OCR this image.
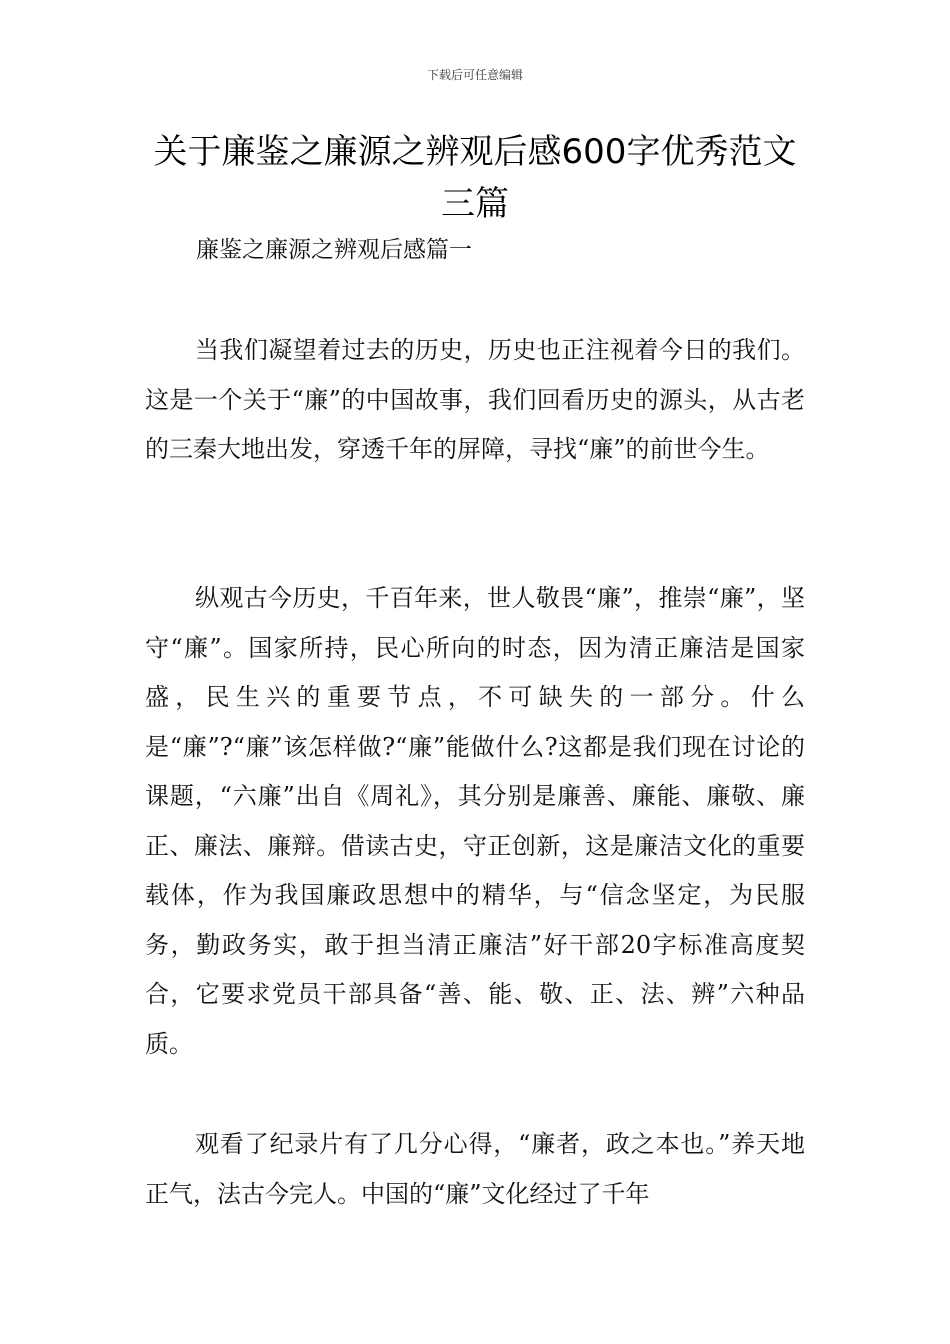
下载后可任意编辑
关于廉鉴之廉源之辨观后感600字优秀范文三篇
廉鉴之廉源之辨观后感篇一

当我们凝望着过去的历史，历史也正注视着今日的我们。这是一个关于“廉”的中国故事，我们回看历史的源头，从古老的三秦大地出发，穿透千年的屏障，寻找“廉”的前世今生。

纵观古今历史，千百年来，世人敬畏“廉”，推崇“廉”，坚守“廉”。国家所持，民心所向的时态，因为清正廉洁是国家盛，民生兴的重要节点，不可缺失的一部分。什么是“廉”?“廉”该怎样做?“廉”能做什么?这都是我们现在讨论的课题，“六廉”出自《周礼》，其分别是廉善、廉能、廉敬、廉正、廉法、廉辩。借读古史，守正创新，这是廉洁文化的重要载体，作为我国廉政思想中的精华，与“信念坚定，为民服务，勤政务实，敢于担当清正廉洁”好干部20字标准高度契合，它要求党员干部具备“善、能、敬、正、法、辨”六种品质。

观看了纪录片有了几分心得，“廉者，政之本也。”养天地正气，法古今完人。中国的“廉”文化经过了千年
